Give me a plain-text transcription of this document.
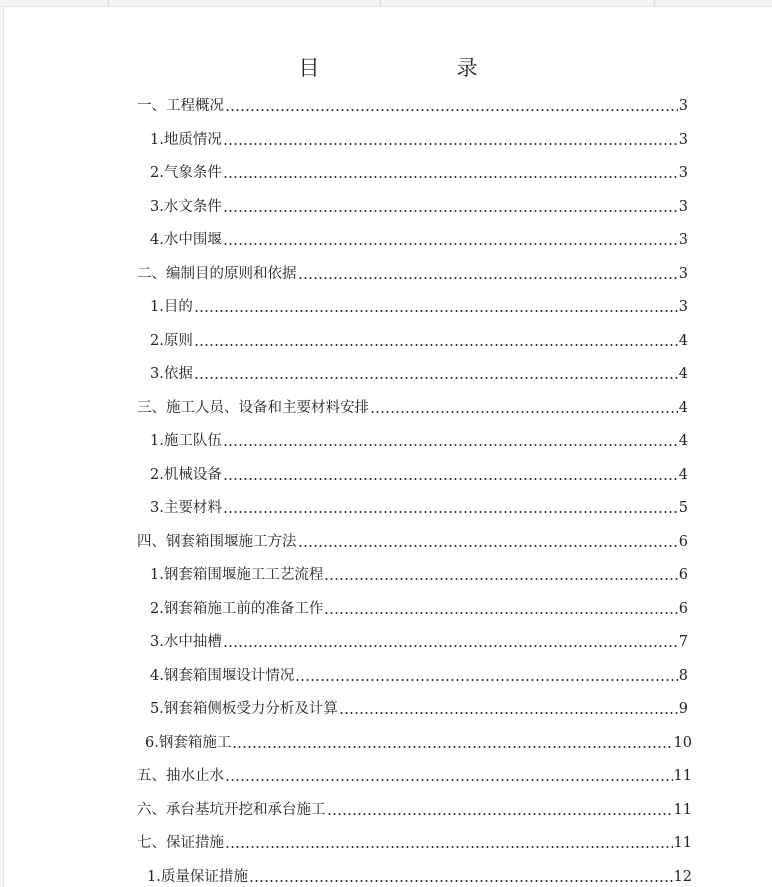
目　录
一、工程概况	3
1.地质情况	3
2.气象条件	3
3.水文条件	3
4.水中围堰	3
二、编制目的原则和依据	3
1.目的	3
2.原则	4
3.依据	4
三、施工人员、设备和主要材料安排	4
1.施工队伍	4
2.机械设备	4
3.主要材料	5
四、钢套箱围堰施工方法	6
1.钢套箱围堰施工工艺流程	6
2.钢套箱施工前的准备工作	6
3.水中抽槽	7
4.钢套箱围堰设计情况	8
5.钢套箱侧板受力分析及计算	9
6.钢套箱施工	10
五、抽水止水	11
六、承台基坑开挖和承台施工	11
七、保证措施	11
1.质量保证措施	12
